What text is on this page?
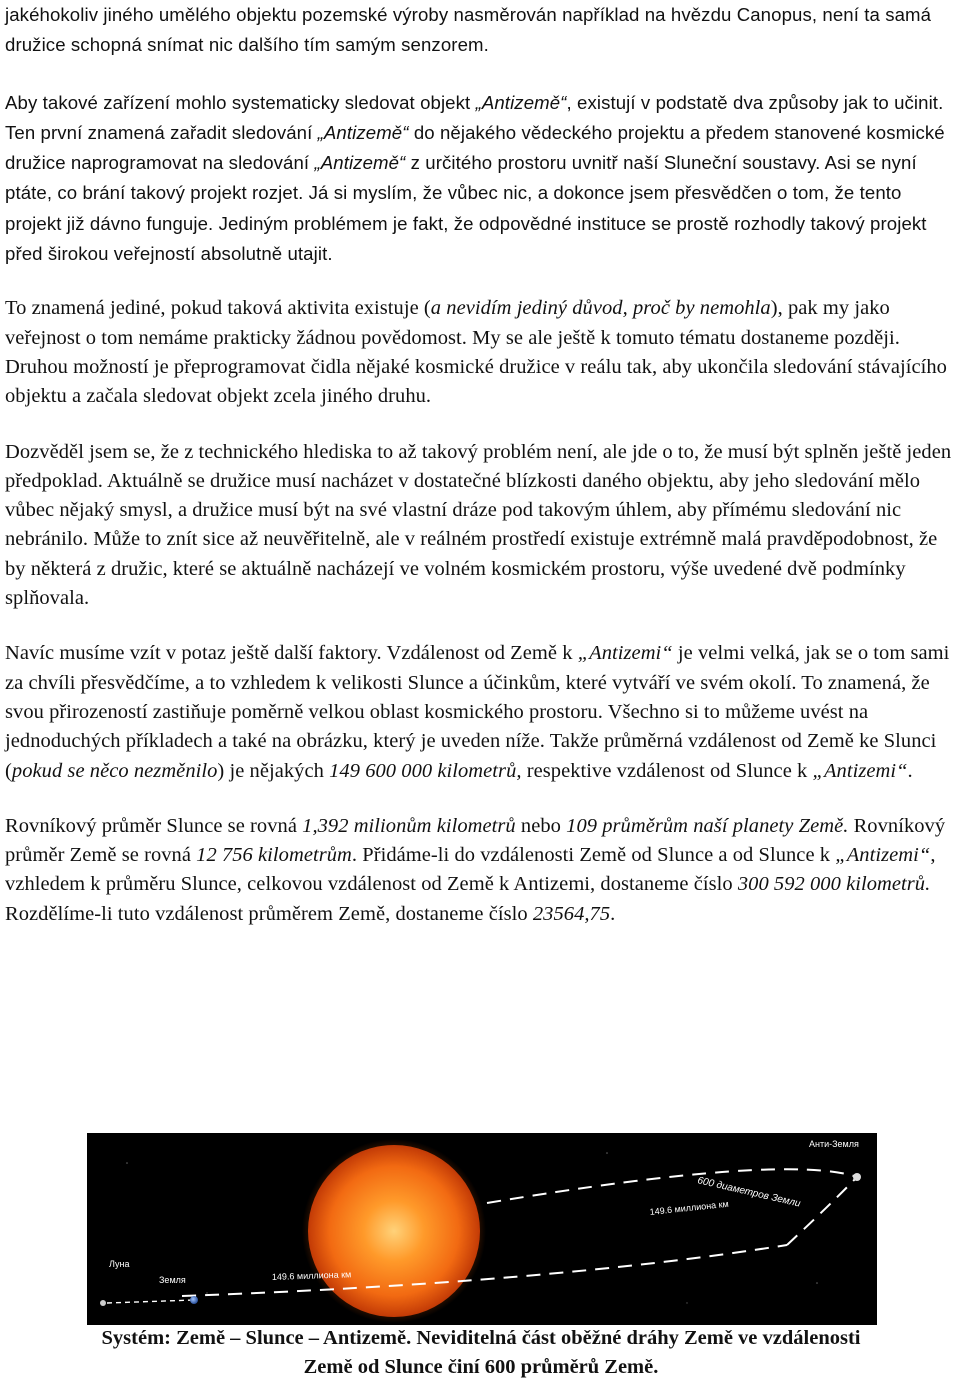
jakéhokoliv jiného umělého objektu pozemské výroby nasměrován například na hvězdu Canopus, není ta samá družice schopná snímat nic dalšího tím samým senzorem.

Aby takové zařízení mohlo systematicky sledovat objekt „Antizemě“, existují v podstatě dva způsoby jak to učinit. Ten první znamená zařadit sledování „Antizemě“ do nějakého vědeckého projektu a předem stanovené kosmické družice naprogramovat na sledování „Antizemě“ z určitého prostoru uvnitř naší Sluneční soustavy. Asi se nyní ptáte, co brání takový projekt rozjet. Já si myslím, že vůbec nic, a dokonce jsem přesvědčen o tom, že tento projekt již dávno funguje. Jediným problémem je fakt, že odpovědné instituce se prostě rozhodly takový projekt před širokou veřejností absolutně utajit.

To znamená jediné, pokud taková aktivita existuje (a nevidím jediný důvod, proč by nemohla), pak my jako veřejnost o tom nemáme prakticky žádnou povědomost. My se ale ještě k tomuto tématu dostaneme později. Druhou možností je přeprogramovat čidla nějaké kosmické družice v reálu tak, aby ukončila sledování stávajícího objektu a začala sledovat objekt zcela jiného druhu.

Dozvěděl jsem se, že z technického hlediska to až takový problém není, ale jde o to, že musí být splněn ještě jeden předpoklad. Aktuálně se družice musí nacházet v dostatečné blízkosti daného objektu, aby jeho sledování mělo vůbec nějaký smysl, a družice musí být na své vlastní dráze pod takovým úhlem, aby přímému sledování nic nebránilo. Může to znít sice až neuvěřitelně, ale v reálném prostředí existuje extrémně malá pravděpodobnost, že by některá z družic, které se aktuálně nacházejí ve volném kosmickém prostoru, výše uvedené dvě podmínky splňovala.

Navíc musíme vzít v potaz ještě další faktory. Vzdálenost od Země k „Antizemi“ je velmi velká, jak se o tom sami za chvíli přesvědčíme, a to vzhledem k velikosti Slunce a účinkům, které vytváří ve svém okolí. To znamená, že svou přirozeností zastiňuje poměrně velkou oblast kosmického prostoru. Všechno si to můžeme uvést na jednoduchých příkladech a také na obrázku, který je uveden níže. Takže průměrná vzdálenost od Země ke Slunci (pokud se něco nezměnilo) je nějakých 149 600 000 kilometrů, respektive vzdálenost od Slunce k „Antizemi“.

Rovníkový průměr Slunce se rovná 1,392 milionům kilometrů nebo 109 průměrům naší planety Země. Rovníkový průměr Země se rovná 12 756 kilometrům. Přidáme-li do vzdálenosti Země od Slunce a od Slunce k „Antizemi“, vzhledem k průměru Slunce, celkovou vzdálenost od Země k Antizemi, dostaneme číslo 300 592 000 kilometrů. Rozdělíme-li tuto vzdálenost průměrem Země, dostaneme číslo 23564,75.

Луна
Земля
Анти-Земля
149.6 миллиона км
149.6 миллиона км
600 диаметров Земли
Systém: Země – Slunce – Antizemě. Neviditelná část oběžné dráhy Země ve vzdálenosti
Země od Slunce činí 600 průměrů Země.
